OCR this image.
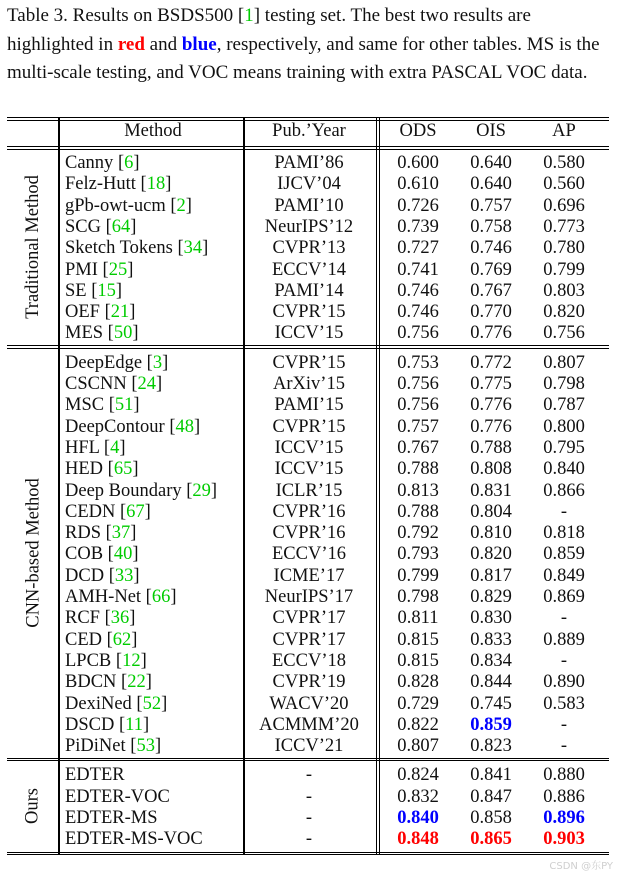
Table 3. Results on BSDS500 [1] testing set. The best two results are highlighted in red and blue, respectively, and same for other tables. MS is the multi-scale testing, and VOC means training with extra PASCAL VOC data.

Method	Pub.’Year	ODS	OIS	AP
Canny [6]	PAMI’86	0.600	0.640	0.580
Felz-Hutt [18]	IJCV’04	0.610	0.640	0.560
gPb-owt-ucm [2]	PAMI’10	0.726	0.757	0.696
SCG [64]	NeurIPS’12	0.739	0.758	0.773
Sketch Tokens [34]	CVPR’13	0.727	0.746	0.780
PMI [25]	ECCV’14	0.741	0.769	0.799
SE [15]	PAMI’14	0.746	0.767	0.803
OEF [21]	CVPR’15	0.746	0.770	0.820
MES [50]	ICCV’15	0.756	0.776	0.756
Traditional Method
DeepEdge [3]	CVPR’15	0.753	0.772	0.807
CSCNN [24]	ArXiv’15	0.756	0.775	0.798
MSC [51]	PAMI’15	0.756	0.776	0.787
DeepContour [48]	CVPR’15	0.757	0.776	0.800
HFL [4]	ICCV’15	0.767	0.788	0.795
HED [65]	ICCV’15	0.788	0.808	0.840
Deep Boundary [29]	ICLR’15	0.813	0.831	0.866
CEDN [67]	CVPR’16	0.788	0.804	-
RDS [37]	CVPR’16	0.792	0.810	0.818
COB [40]	ECCV’16	0.793	0.820	0.859
DCD [33]	ICME’17	0.799	0.817	0.849
AMH-Net [66]	NeurIPS’17	0.798	0.829	0.869
RCF [36]	CVPR’17	0.811	0.830	-
CED [62]	CVPR’17	0.815	0.833	0.889
LPCB [12]	ECCV’18	0.815	0.834	-
BDCN [22]	CVPR’19	0.828	0.844	0.890
DexiNed [52]	WACV’20	0.729	0.745	0.583
DSCD [11]	ACMMM’20	0.822	0.859	-
PiDiNet [53]	ICCV’21	0.807	0.823	-
CNN-based Method
EDTER	-	0.824	0.841	0.880
EDTER-VOC	-	0.832	0.847	0.886
EDTER-MS	-	0.840	0.858	0.896
EDTER-MS-VOC	-	0.848	0.865	0.903
Ours
CSDN @东PY
